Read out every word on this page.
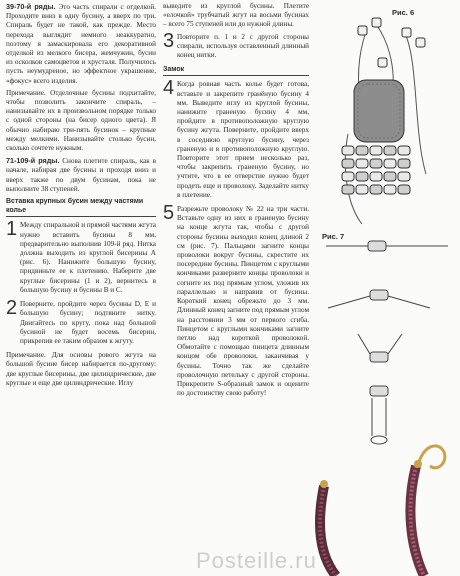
39-70-й ряды. Это часть спирали с отделкой. Проходите вниз в одну бусину, а вверх по три. Спираль будет не такой, как прежде. Место перехода выглядит немного неаккуратно, поэтому я замаскировала его декоративной отделкой из мелкого бисера, жемчужин, бусин из осколков самоцветов и хрусталя. Получилось пусть неумудреное, но эффектное украшение, «фокус» всего изделия.

Примечание. Отделочные бусины подхитайте, чтобы позволить закончите спираль, – нанизывайте их в произвольном порядке только с одной стороны (на бисер одного цвета). Я обычно набираю три-пять бусинок – крупные между мелкими. Нанизывайте столько бусин, сколько сочтете нужным.

71-109-й ряды. Снова плетите спираль, как в начале, набирая две бусины и проходя вниз и вверх также по двум бусинам, пока не выполните 38 ступеней.

Вставка крупных бусин между частями колье
1 Между спиральной и прямой частями жгута нужно вставить бусины 8 мм, предварительно выполнив 109-й ряд. Нитка должна выходить из круглой бисерины А (рис. 6). Нанижите большую бусину, придвиньте ее к плетению. Наберите две круглые бисерины (1 и 2), вернитесь в большую бусину и бусины В и С.
2 Поверните, пройдите через бусины D, E и большую бусину; подтяните нитку. Двигайтесь по кругу, пока над большой бусиной не будет восемь бисерин, прикрепив ее таким образом к жгуту.

Примечание. Для основы рового жгута на большой бусине бисер набирается по-другому: две круглые бисерины, две цилиндрические, две круглые и еще две цилиндрические. Иглу

выведите из круглой бусины. Плетите «елочкой» трубчатый жгут на восьми бусинах – всего 75 ступеней или до нужной длины.

3 Повторите п. 1 и 2 с другой стороны спирали, используя оставленный длинный конец нитки.
Замок
4 Когда ровная часть колье будет готова, вставьте и закрепите гранёную бусину 4 мм. Выведите иглу из круглой бусины, нанижите граненую бусину 4 мм, пройдите в противоположную круглую бусину жгута. Поверните, пройдите вверх в соседнюю круглую бусину, через граненую и в противоположную круглую. Повторите этот прием несколько раз, чтобы закрепить граненую бусину, но учтите, что в ее отверстие нужно будет продеть еще и проволоку. Заделайте нитку в плетение.
5 Разрежьте проволоку № 22 на три части. Вставьте одну из них в граненую бусину на конце жгута так, чтобы с другой стороны бусины выходил конец длиной 2 см (рис. 7). Пальцами загните концы проволоки вокруг бусины, скрестите их посередине бусины. Пинцетом с круглыми кончиками разверните концы проволоки и согните их под прямым углом, уложив их параллельно и направив от бусины. Короткий конец обрежьте до 3 мм. Длинный конец загните под прямым углом на расстоянии 3 мм от первого сгиба. Пинцетом с круглыми кончиками загните петлю над короткой проволокой. Обмотайте с помощью пинцета длинным концом обе проволоки, заканчивая у бусины. Точно так же сделайте проволочную петельку с другой стороны. Прикрепите S-образный замок и оцените по достоинству свою работу!
Рис. 6
Рис. 7
Posteille.ru
